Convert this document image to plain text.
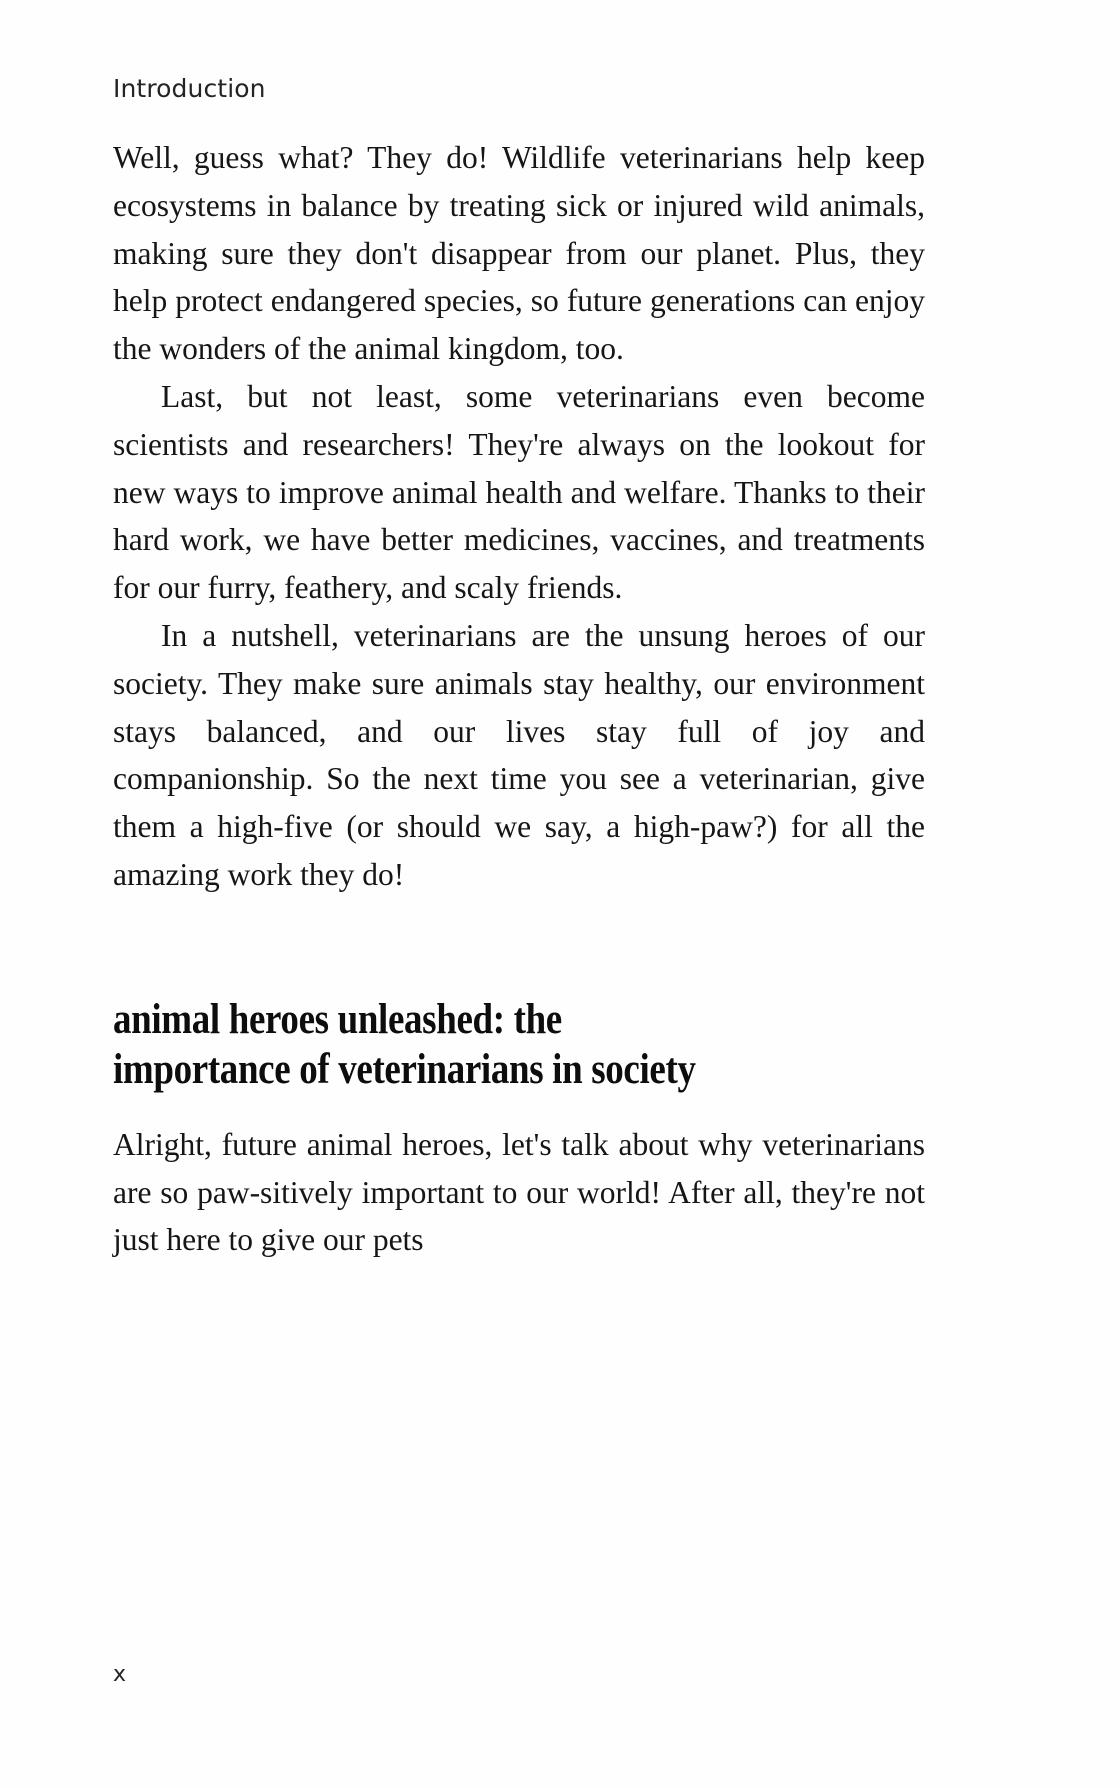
Introduction

Well, guess what? They do! Wildlife veterinarians help keep ecosystems in balance by treating sick or injured wild animals, making sure they don't disappear from our planet. Plus, they help protect endangered species, so future generations can enjoy the wonders of the animal kingdom, too.

Last, but not least, some veterinarians even become scientists and researchers! They're always on the lookout for new ways to improve animal health and welfare. Thanks to their hard work, we have better medicines, vaccines, and treatments for our furry, feathery, and scaly friends.

In a nutshell, veterinarians are the unsung heroes of our society. They make sure animals stay healthy, our environment stays balanced, and our lives stay full of joy and companionship. So the next time you see a veterinarian, give them a high-five (or should we say, a high-paw?) for all the amazing work they do!

animal heroes unleashed: the
importance of veterinarians in society

Alright, future animal heroes, let's talk about why veterinarians are so paw-sitively important to our world! After all, they're not just here to give our pets

x
